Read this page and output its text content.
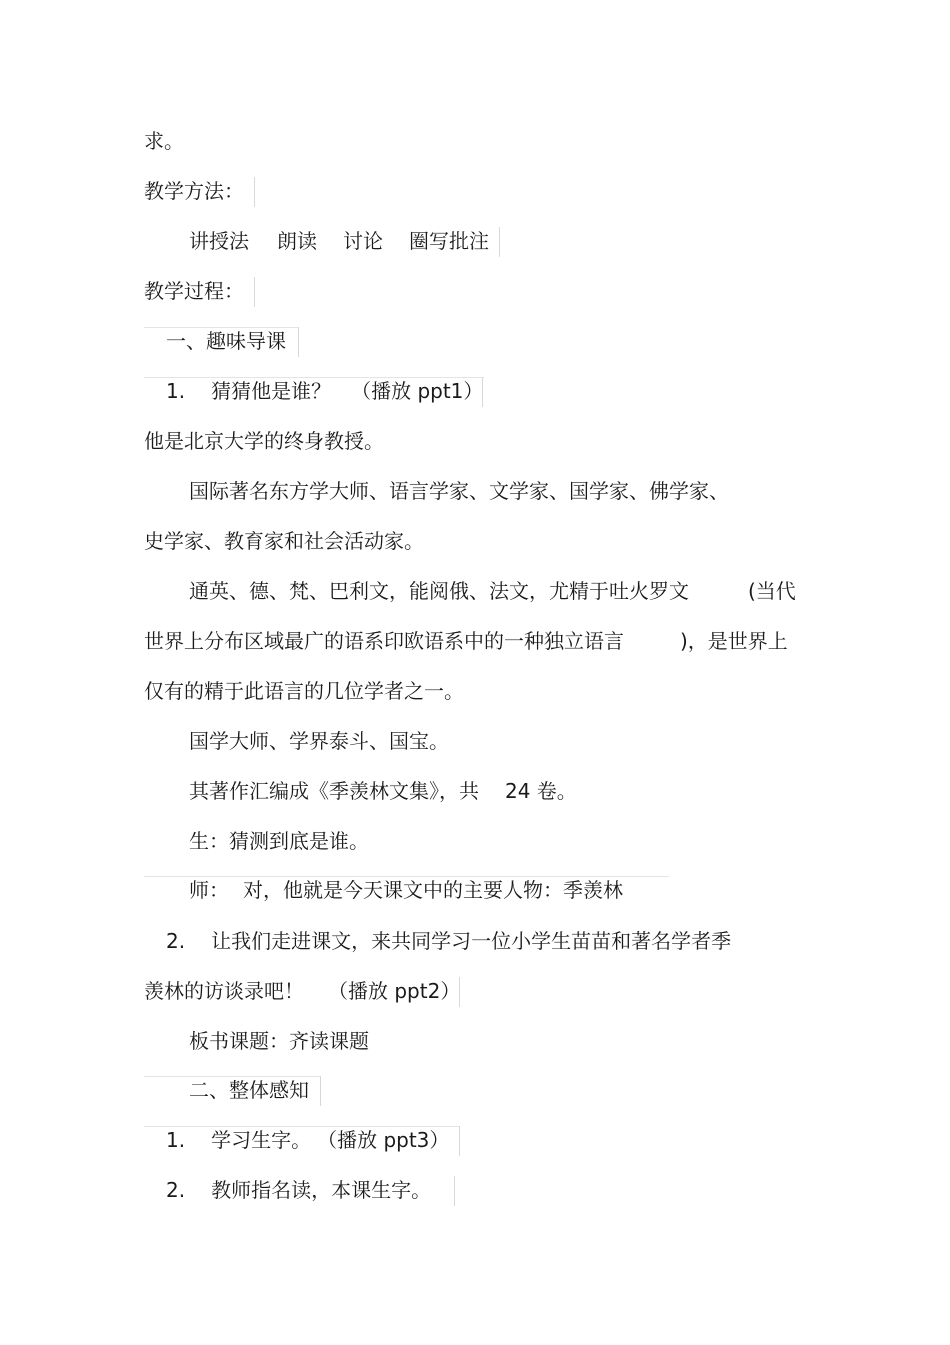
求。
教学方法：
讲授法 朗读 讨论 圈写批注
教学过程：
一、趣味导课
1. 猜猜他是谁？ （播放 ppt1）
他是北京大学的终身教授。
国际著名东方学大师、语言学家、文学家、国学家、佛学家、
史学家、教育家和社会活动家。
通英、德、梵、巴利文，能阅俄、法文，尤精于吐火罗文	(当代
世界上分布区域最广的语系印欧语系中的一种独立语言	)，是世界上
仅有的精于此语言的几位学者之一。
国学大师、学界泰斗、国宝。
其著作汇编成《季羡林文集》，共 24 卷。
生：猜测到底是谁。
师： 对，他就是今天课文中的主要人物：季羡林
2. 让我们走进课文，来共同学习一位小学生苗苗和著名学者季
羡林的访谈录吧！ （播放 ppt2）
板书课题：齐读课题
二、整体感知
1. 学习生字。 （播放 ppt3）
2. 教师指名读，本课生字。
